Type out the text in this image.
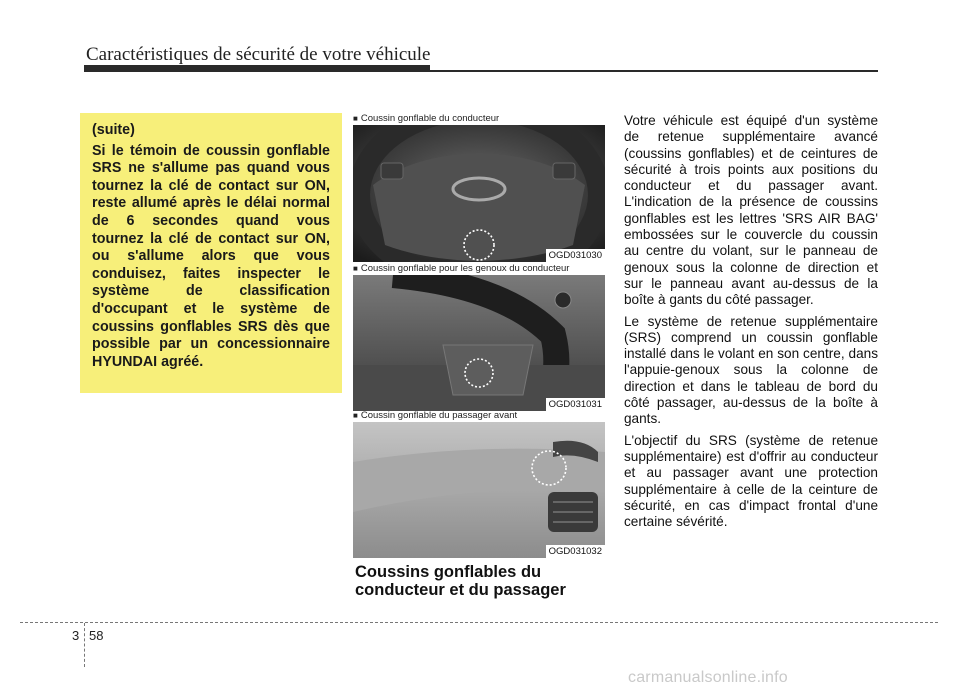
Caractéristiques de sécurité de votre véhicule
(suite)
Si le témoin de coussin gonflable SRS ne s'allume pas quand vous tournez la clé de contact sur ON, reste allumé après le délai normal de 6 secondes quand vous tournez la clé de contact sur ON, ou s'allume alors que vous conduisez, faites inspecter le système de classification d'occupant et le système de coussins gonflables SRS dès que possible par un concessionnaire HYUNDAI agréé.
■ Coussin gonflable du conducteur
OGD031030
■ Coussin gonflable pour les genoux du conducteur
OGD031031
■ Coussin gonflable du passager avant
OGD031032
Coussins gonflables du conducteur et du passager

Votre véhicule est équipé d'un système de retenue supplémentaire avancé (coussins gonflables) et de ceintures de sécurité à trois points aux positions du conducteur et du passager avant. L'indication de la présence de coussins gonflables est les lettres 'SRS AIR BAG' embossées sur le couvercle du coussin au centre du volant, sur le panneau de genoux sous la colonne de direction et sur le panneau avant au-dessus de la boîte à gants du côté passager.

Le système de retenue supplémentaire (SRS) comprend un coussin gonflable installé dans le volant en son centre, dans l'appuie-genoux sous la colonne de direction et dans le tableau de bord du côté passager, au-dessus de la boîte à gants.

L'objectif du SRS (système de retenue supplémentaire) est d'offrir au conducteur et au passager avant une protection supplémentaire à celle de la ceinture de sécurité, en cas d'impact frontal d'une certaine sévérité.

3 58
carmanualsonline.info
